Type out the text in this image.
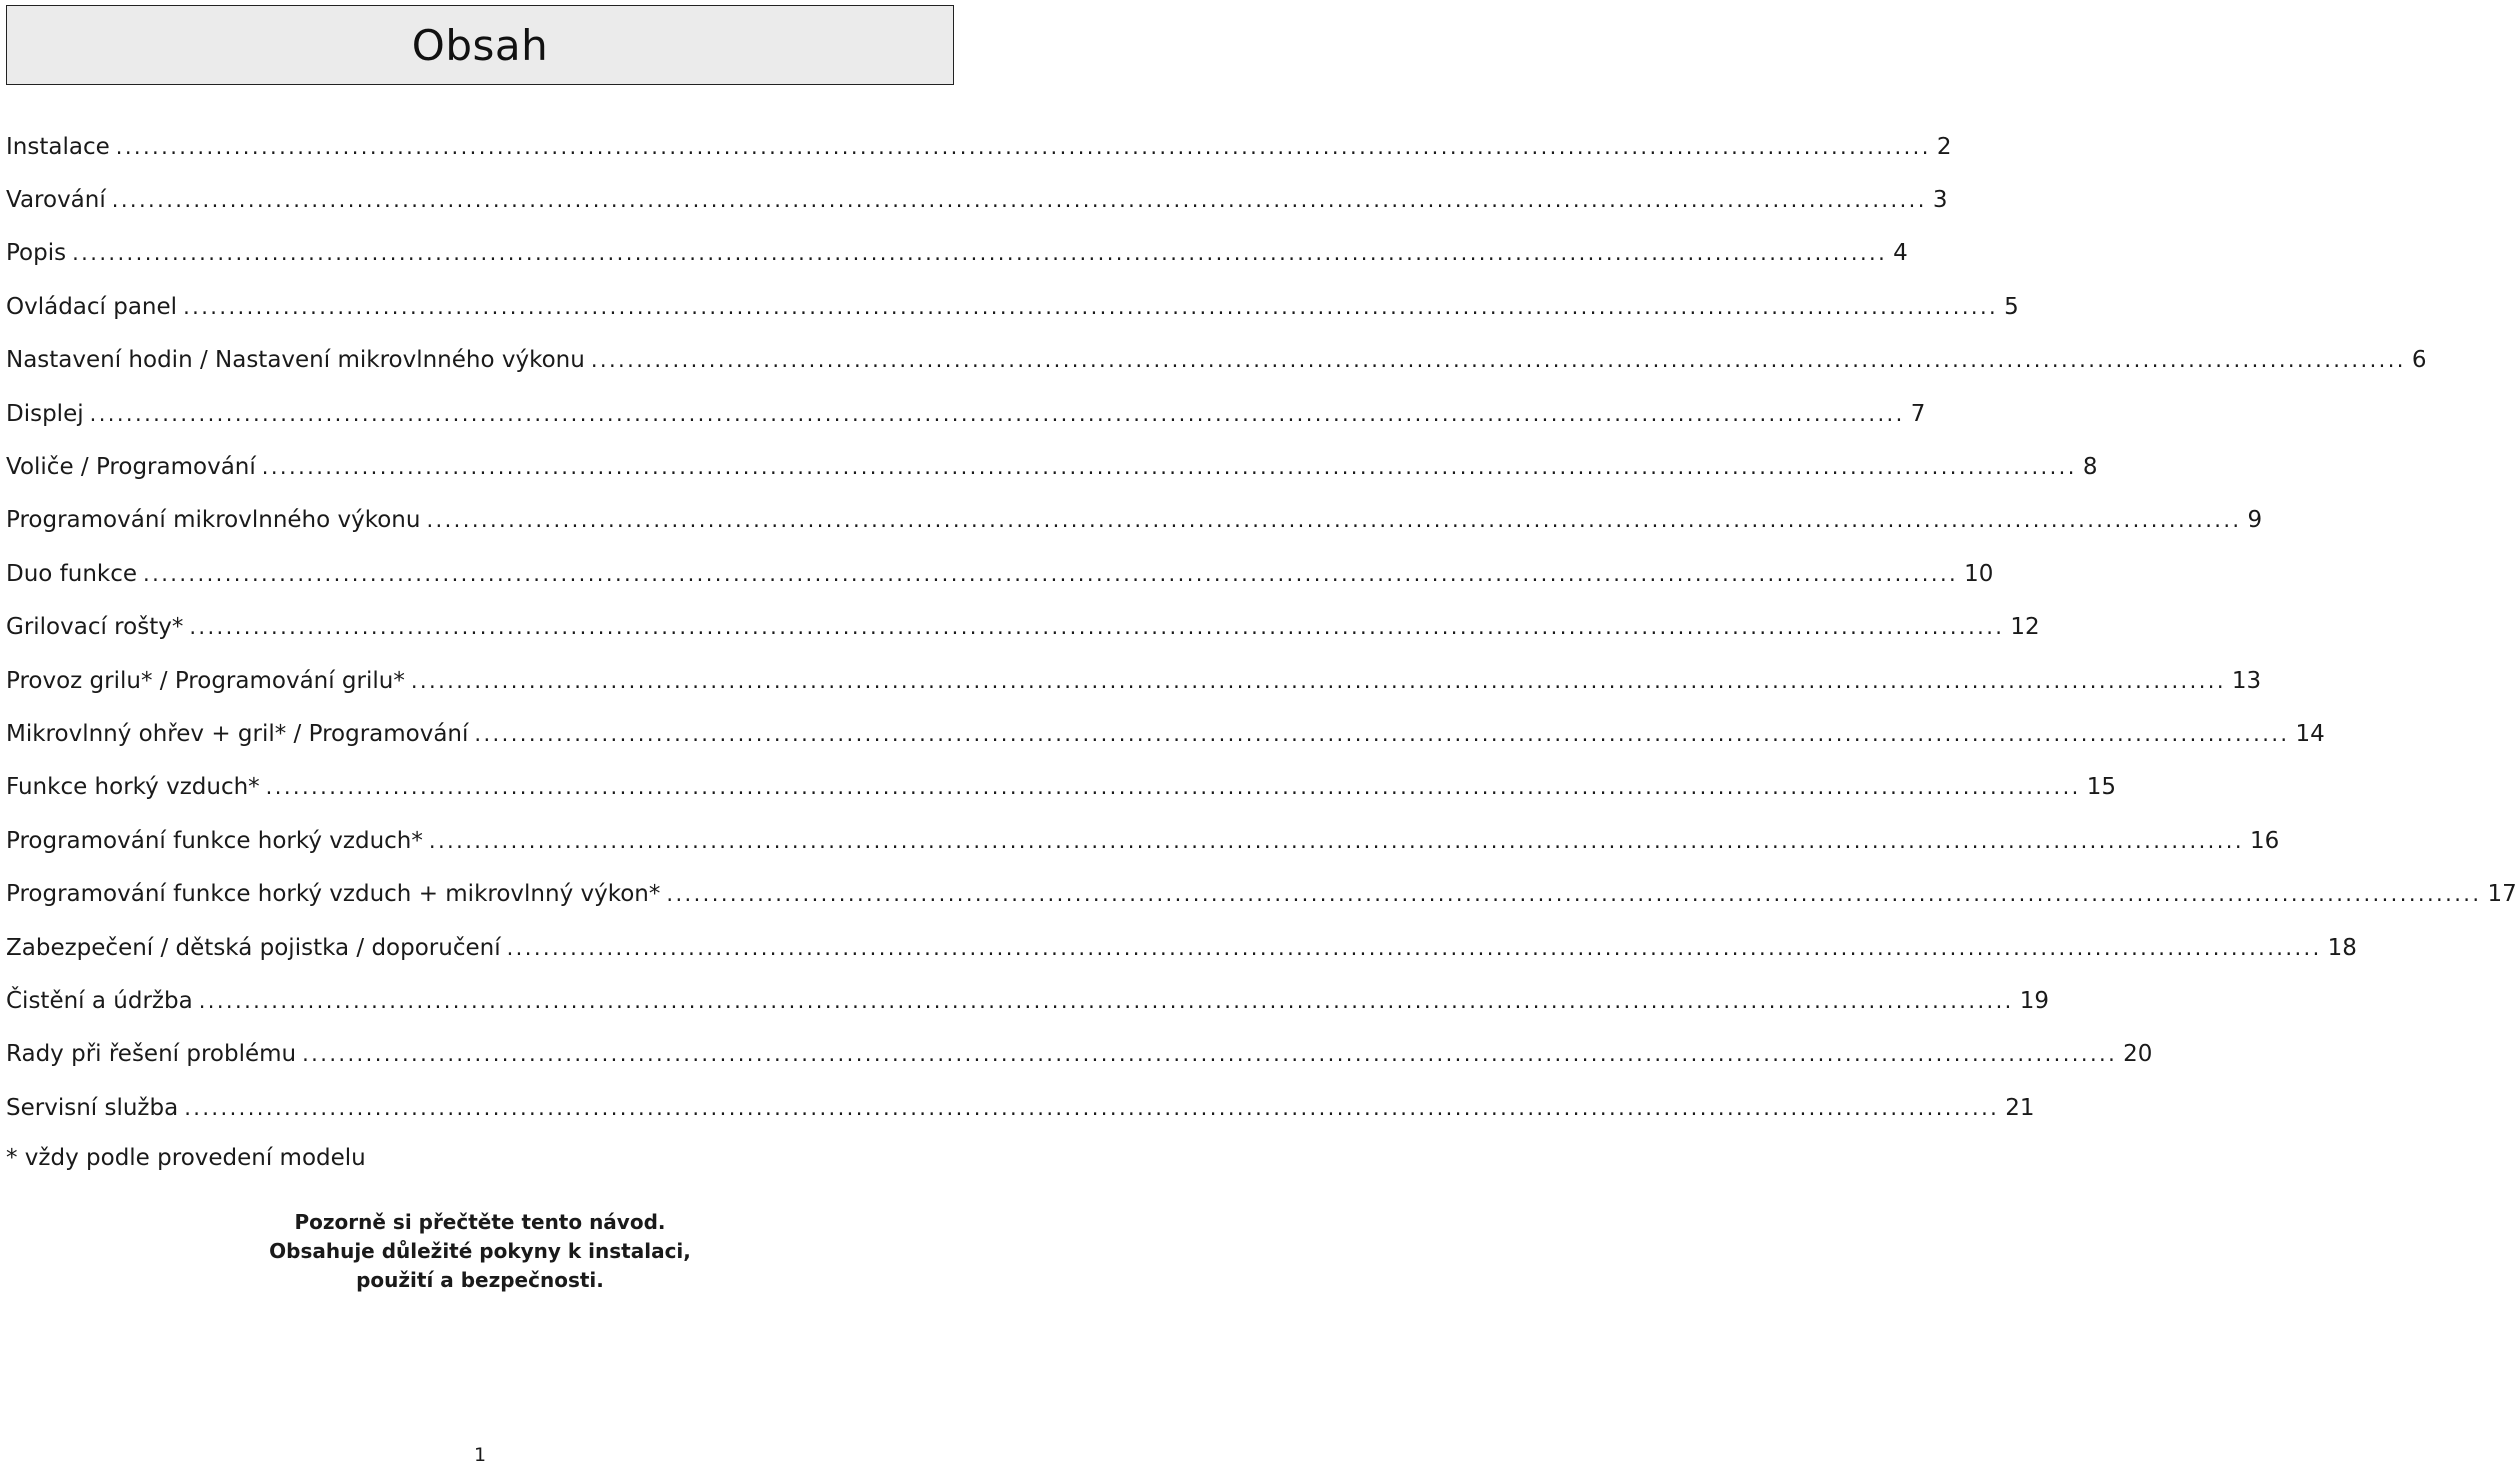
Obsah
Instalace ........................................................................................................................................................................................................ 2
Varování ........................................................................................................................................................................................................ 3
Popis ........................................................................................................................................................................................................ 4
Ovládací panel ........................................................................................................................................................................................................ 5
Nastavení hodin / Nastavení mikrovlnného výkonu ........................................................................................................................................................................................................ 6
Displej ........................................................................................................................................................................................................ 7
Voliče / Programování ........................................................................................................................................................................................................ 8
Programování mikrovlnného výkonu ........................................................................................................................................................................................................ 9
Duo funkce ........................................................................................................................................................................................................ 10
Grilovací rošty* ........................................................................................................................................................................................................ 12
Provoz grilu* / Programování grilu* ........................................................................................................................................................................................................ 13
Mikrovlnný ohřev + gril* / Programování ........................................................................................................................................................................................................ 14
Funkce horký vzduch* ........................................................................................................................................................................................................ 15
Programování funkce horký vzduch* ........................................................................................................................................................................................................ 16
Programování funkce horký vzduch + mikrovlnný výkon* ........................................................................................................................................................................................................ 17
Zabezpečení / dětská pojistka / doporučení ........................................................................................................................................................................................................ 18
Čistění a údržba ........................................................................................................................................................................................................ 19
Rady při řešení problému ........................................................................................................................................................................................................ 20
Servisní služba ........................................................................................................................................................................................................ 21
* vždy podle provedení modelu
Pozorně si přečtěte tento návod.
Obsahuje důležité pokyny k instalaci,
použití a bezpečnosti.
1
